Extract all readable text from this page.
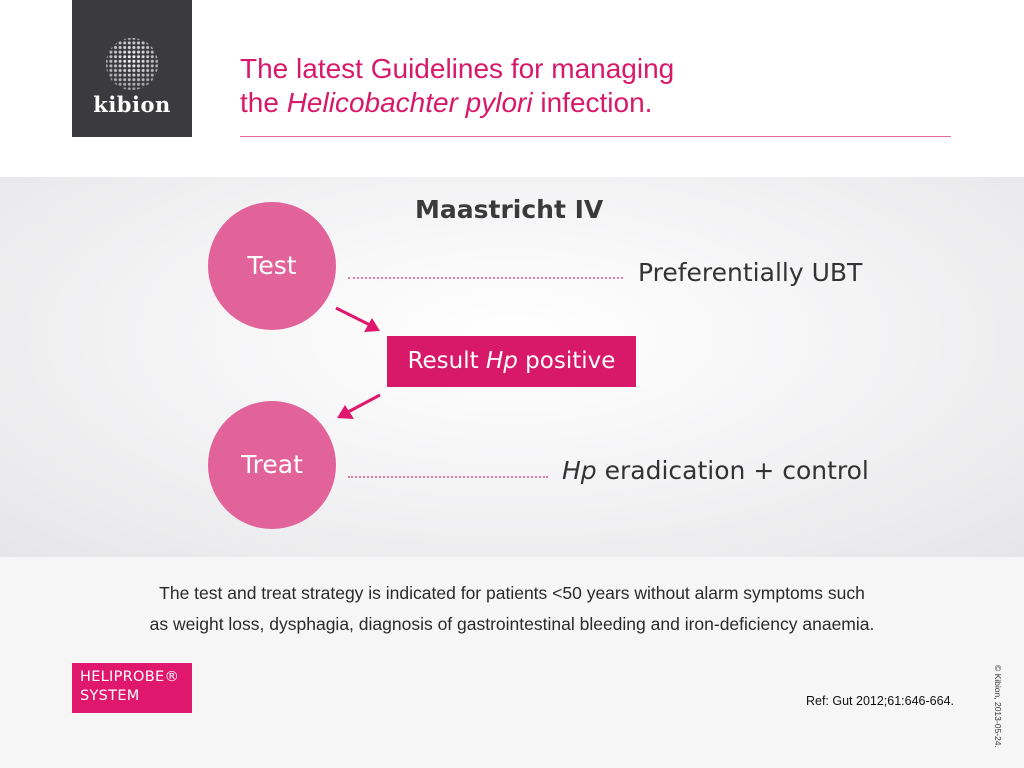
kibion
The latest Guidelines for managing
the Helicobachter pylori infection.
Maastricht IV
Test	Preferentially UBT
Result Hp positive
Treat	Hp eradication + control
The test and treat strategy is indicated for patients <50 years without alarm symptoms such
as weight loss, dysphagia, diagnosis of gastrointestinal bleeding and iron-deficiency anaemia.
HELIPROBE®
SYSTEM	Ref: Gut 2012;61:646-664.	© Kibion, 2013-05-24.
